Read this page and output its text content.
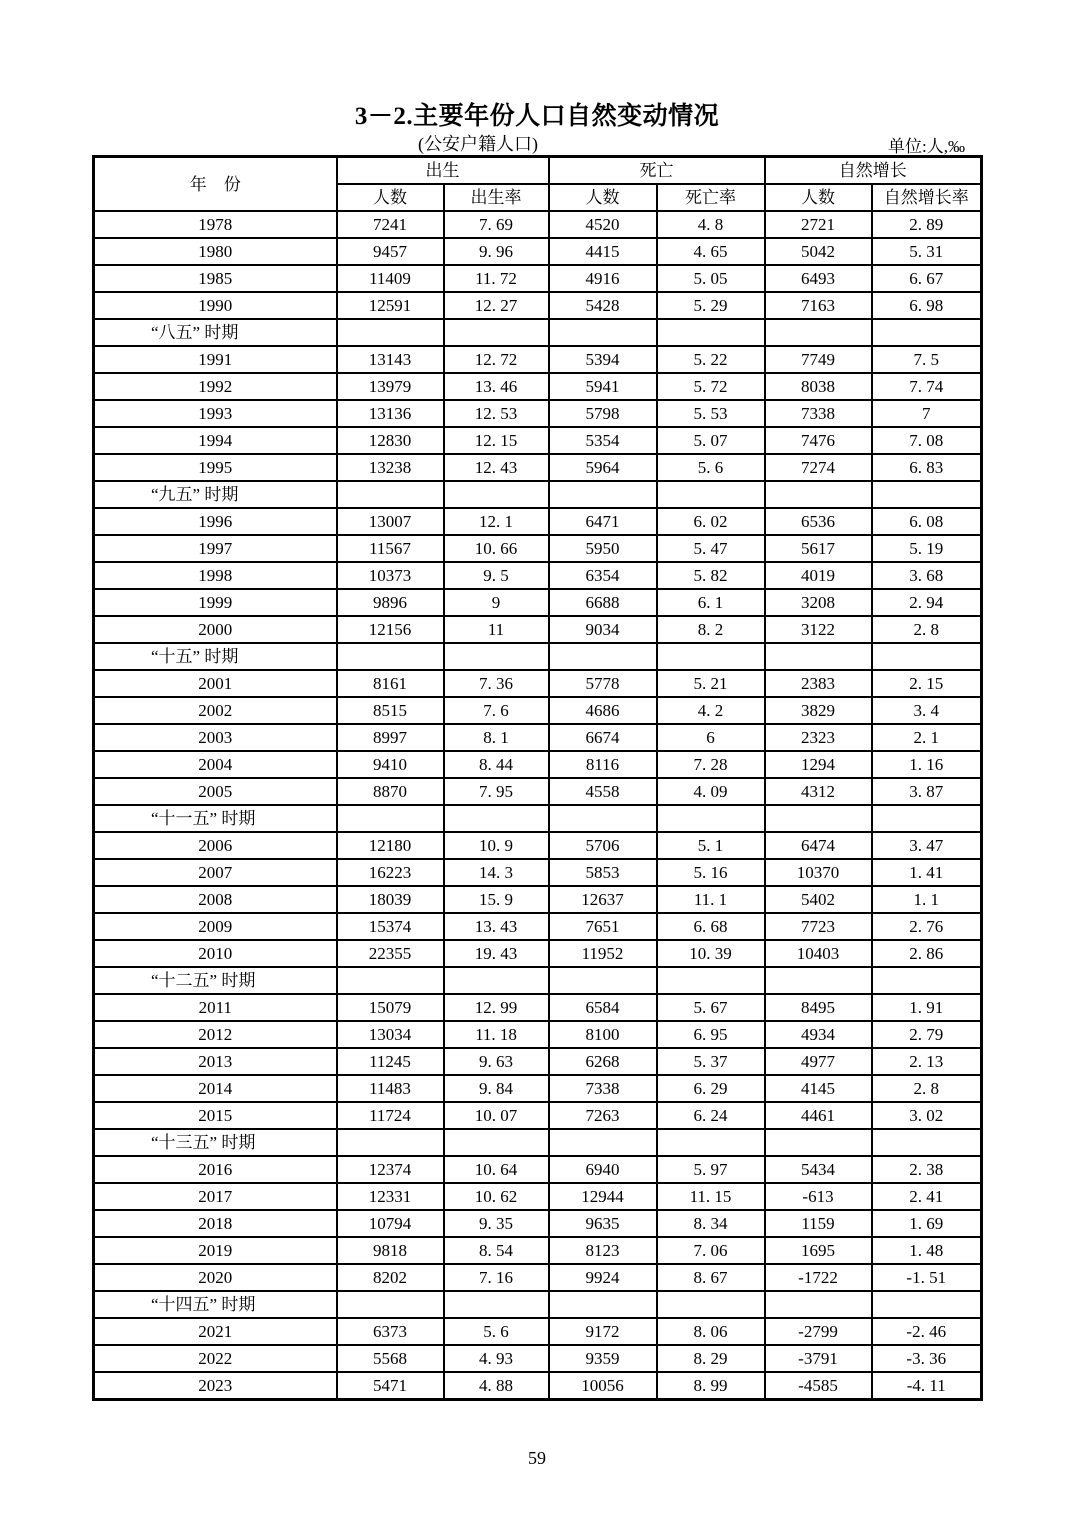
3－2.主要年份人口自然变动情况
(公安户籍人口)	单位:人,‰
年　份	出生		死亡		自然增长	
	人数	出生率	人数	死亡率	人数	自然增长率
1978	7241	7. 69	4520	4. 8	2721	2. 89
1980	9457	9. 96	4415	4. 65	5042	5. 31
1985	11409	11. 72	4916	5. 05	6493	6. 67
1990	12591	12. 27	5428	5. 29	7163	6. 98
“八五” 时期						
1991	13143	12. 72	5394	5. 22	7749	7. 5
1992	13979	13. 46	5941	5. 72	8038	7. 74
1993	13136	12. 53	5798	5. 53	7338	7
1994	12830	12. 15	5354	5. 07	7476	7. 08
1995	13238	12. 43	5964	5. 6	7274	6. 83
“九五” 时期						
1996	13007	12. 1	6471	6. 02	6536	6. 08
1997	11567	10. 66	5950	5. 47	5617	5. 19
1998	10373	9. 5	6354	5. 82	4019	3. 68
1999	9896	9	6688	6. 1	3208	2. 94
2000	12156	11	9034	8. 2	3122	2. 8
“十五” 时期						
2001	8161	7. 36	5778	5. 21	2383	2. 15
2002	8515	7. 6	4686	4. 2	3829	3. 4
2003	8997	8. 1	6674	6	2323	2. 1
2004	9410	8. 44	8116	7. 28	1294	1. 16
2005	8870	7. 95	4558	4. 09	4312	3. 87
“十一五” 时期						
2006	12180	10. 9	5706	5. 1	6474	3. 47
2007	16223	14. 3	5853	5. 16	10370	1. 41
2008	18039	15. 9	12637	11. 1	5402	1. 1
2009	15374	13. 43	7651	6. 68	7723	2. 76
2010	22355	19. 43	11952	10. 39	10403	2. 86
“十二五” 时期						
2011	15079	12. 99	6584	5. 67	8495	1. 91
2012	13034	11. 18	8100	6. 95	4934	2. 79
2013	11245	9. 63	6268	5. 37	4977	2. 13
2014	11483	9. 84	7338	6. 29	4145	2. 8
2015	11724	10. 07	7263	6. 24	4461	3. 02
“十三五” 时期						
2016	12374	10. 64	6940	5. 97	5434	2. 38
2017	12331	10. 62	12944	11. 15	-613	2. 41
2018	10794	9. 35	9635	8. 34	1159	1. 69
2019	9818	8. 54	8123	7. 06	1695	1. 48
2020	8202	7. 16	9924	8. 67	-1722	-1. 51
“十四五” 时期						
2021	6373	5. 6	9172	8. 06	-2799	-2. 46
2022	5568	4. 93	9359	8. 29	-3791	-3. 36
2023	5471	4. 88	10056	8. 99	-4585	-4. 11
59
